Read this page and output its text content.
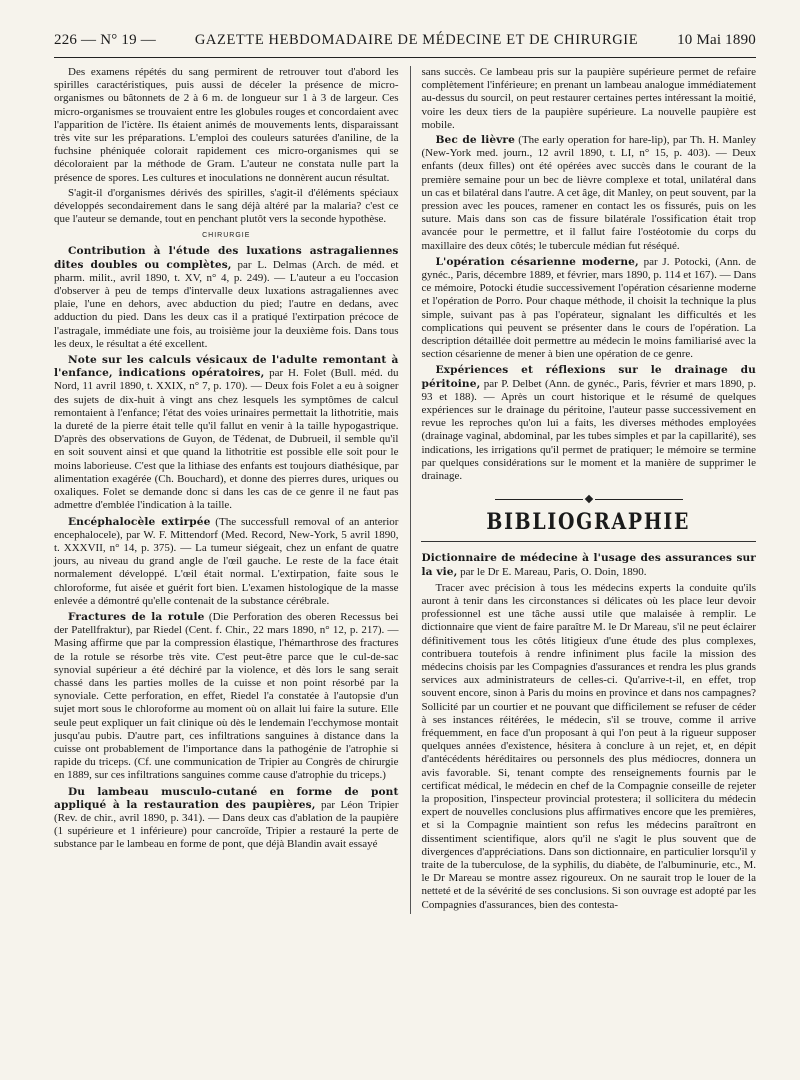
226 — N° 19 —	GAZETTE HEBDOMADAIRE DE MÉDECINE ET DE CHIRURGIE	10 Mai 1890

Des examens répétés du sang permirent de retrouver tout d'abord les spirilles caractéristiques, puis aussi de déceler la présence de micro-organismes ou bâtonnets de 2 à 6 m. de longueur sur 1 à 3 de largeur. Ces micro-organismes se trouvaient entre les globules rouges et concordaient avec l'apparition de l'ictère. Ils étaient animés de mouvements lents, disparaissant très vite sur les préparations. L'emploi des couleurs saturées d'aniline, de la fuchsine phéniquée colorait rapidement ces micro-organismes qui se décoloraient par la méthode de Gram. L'auteur ne constata nulle part la présence de spores. Les cultures et inoculations ne donnèrent aucun résultat.

S'agit-il d'organismes dérivés des spirilles, s'agit-il d'éléments spéciaux développés secondairement dans le sang déjà altéré par la malaria? c'est ce que l'auteur se demande, tout en penchant plutôt vers la seconde hypothèse.

CHIRURGIE

Contribution à l'étude des luxations astragaliennes dites doubles ou complètes, par L. Delmas (Arch. de méd. et pharm. milit., avril 1890, t. XV, n° 4, p. 249). — L'auteur a eu l'occasion d'observer à peu de temps d'intervalle deux luxations astragaliennes avec plaie, l'une en dehors, avec abduction du pied; l'autre en dedans, avec adduction du pied. Dans les deux cas il a pratiqué l'extirpation précoce de l'astragale, immédiate une fois, au troisième jour la deuxième fois. Dans tous les deux, le résultat a été excellent.

Note sur les calculs vésicaux de l'adulte remontant à l'enfance, indications opératoires, par H. Folet (Bull. méd. du Nord, 11 avril 1890, t. XXIX, n° 7, p. 170). — Deux fois Folet a eu à soigner des sujets de dix-huit à vingt ans chez lesquels les symptômes de calcul remontaient à l'enfance; l'état des voies urinaires permettait la lithotritie, mais la dureté de la pierre était telle qu'il fallut en venir à la taille hypogastrique. D'après des observations de Guyon, de Tédenat, de Dubrueil, il semble qu'il en soit souvent ainsi et que quand la lithotritie est possible elle soit pour le moins laborieuse. C'est que la lithiase des enfants est toujours diathésique, par alimentation exagérée (Ch. Bouchard), et donne des pierres dures, uriques ou oxaliques. Folet se demande donc si dans les cas de ce genre il ne faut pas admettre d'emblée l'indication à la taille.

Encéphalocèle extirpée (The successfull removal of an anterior encephalocele), par W. F. Mittendorf (Med. Record, New-York, 5 avril 1890, t. XXXVII, n° 14, p. 375). — La tumeur siégeait, chez un enfant de quatre jours, au niveau du grand angle de l'œil gauche. Le reste de la face était normalement développé. L'œil était normal. L'extirpation, faite sous le chloroforme, fut aisée et guérit fort bien. L'examen histologique de la masse enlevée a démontré qu'elle contenait de la substance cérébrale.

Fractures de la rotule (Die Perforation des oberen Recessus bei der Patellfraktur), par Riedel (Cent. f. Chir., 22 mars 1890, n° 12, p. 217). — Masing affirme que par la compression élastique, l'hémarthrose des fractures de la rotule se résorbe très vite. C'est peut-être parce que le cul-de-sac synovial supérieur a été déchiré par la violence, et dès lors le sang serait chassé dans les parties molles de la cuisse et non point résorbé par la synoviale. Cette perforation, en effet, Riedel l'a constatée à l'autopsie d'un sujet mort sous le chloroforme au moment où on allait lui faire la suture. Elle seule peut expliquer un fait clinique où dès le lendemain l'ecchymose montait jusqu'au pubis. D'autre part, ces infiltrations sanguines à distance dans la cuisse ont probablement de l'importance dans la pathogénie de l'atrophie si rapide du triceps. (Cf. une communication de Tripier au Congrès de chirurgie en 1889, sur ces infiltrations sanguines comme cause d'atrophie du triceps.)

Du lambeau musculo-cutané en forme de pont appliqué à la restauration des paupières, par Léon Tripier (Rev. de chir., avril 1890, p. 341). — Dans deux cas d'ablation de la paupière (1 supérieure et 1 inférieure) pour cancroïde, Tripier a restauré la perte de substance par le lambeau en forme de pont, que déjà Blandin avait essayé

sans succès. Ce lambeau pris sur la paupière supérieure permet de refaire complètement l'inférieure; en prenant un lambeau analogue immédiatement au-dessus du sourcil, on peut restaurer certaines pertes intéressant la moitié, voire les deux tiers de la paupière supérieure. La nouvelle paupière est mobile.

Bec de lièvre (The early operation for hare-lip), par Th. H. Manley (New-York med. journ., 12 avril 1890, t. LI, n° 15, p. 403). — Deux enfants (deux filles) ont été opérées avec succès dans le courant de la première semaine pour un bec de lièvre complexe et total, unilatéral dans un cas et bilatéral dans l'autre. A cet âge, dit Manley, on peut souvent, par la pression avec les pouces, ramener en contact les os fissurés, puis on les suture. Mais dans son cas de fissure bilatérale l'ossification était trop avancée pour le permettre, et il fallut faire l'ostéotomie du corps du maxillaire des deux côtés; le tubercule médian fut réséqué.

L'opération césarienne moderne, par J. Potocki, (Ann. de gynéc., Paris, décembre 1889, et février, mars 1890, p. 114 et 167). — Dans ce mémoire, Potocki étudie successivement l'opération césarienne moderne et l'opération de Porro. Pour chaque méthode, il choisit la technique la plus simple, suivant pas à pas l'opérateur, signalant les difficultés et les complications qui peuvent se présenter dans le cours de l'opération. La description détaillée doit permettre au médecin le moins familiarisé avec la section césarienne de mener à bien une opération de ce genre.

Expériences et réflexions sur le drainage du péritoine, par P. Delbet (Ann. de gynéc., Paris, février et mars 1890, p. 93 et 188). — Après un court historique et le résumé de quelques expériences sur le drainage du péritoine, l'auteur passe successivement en revue les reproches qu'on lui a faits, les diverses méthodes employées (drainage vaginal, abdominal, par les tubes simples et par la capillarité), ses indications, les irrigations qu'il permet de pratiquer; le mémoire se termine par quelques considérations sur le moment et la manière de supprimer le drainage.

BIBLIOGRAPHIE

Dictionnaire de médecine à l'usage des assurances sur la vie, par le Dr E. Mareau, Paris, O. Doin, 1890.

Tracer avec précision à tous les médecins experts la conduite qu'ils auront à tenir dans les circonstances si délicates où les place leur devoir professionnel est une tâche aussi utile que malaisée à remplir. Le dictionnaire que vient de faire paraître M. le Dr Mareau, s'il ne peut éclairer définitivement tous les côtés litigieux d'une étude des plus complexes, contribuera toutefois à rendre infiniment plus facile la mission des médecins choisis par les Compagnies d'assurances et rendra les plus grands services aux administrateurs de celles-ci. Qu'arrive-t-il, en effet, trop souvent encore, sinon à Paris du moins en province et dans nos campagnes? Sollicité par un courtier et ne pouvant que difficilement se refuser de céder à ses instances réitérées, le médecin, s'il se trouve, comme il arrive fréquemment, en face d'un proposant à qui l'on peut à la rigueur supposer quelques années d'existence, hésitera à conclure à un rejet, et, en dépit d'antécédents héréditaires ou personnels des plus médiocres, donnera un avis favorable. Si, tenant compte des renseignements fournis par le certificat médical, le médecin en chef de la Compagnie conseille de rejeter la proposition, l'inspecteur provincial protestera; il sollicitera du médecin expert de nouvelles conclusions plus affirmatives encore que les premières, et si la Compagnie maintient son refus les médecins paraîtront en dissentiment scientifique, alors qu'il ne s'agit le plus souvent que de divergences d'appréciations. Dans son dictionnaire, en particulier lorsqu'il y traite de la tuberculose, de la syphilis, du diabète, de l'albuminurie, etc., M. le Dr Mareau se montre assez rigoureux. On ne saurait trop le louer de la netteté et de la sévérité de ses conclusions. Si son ouvrage est adopté par les Compagnies d'assurances, bien des contesta-
